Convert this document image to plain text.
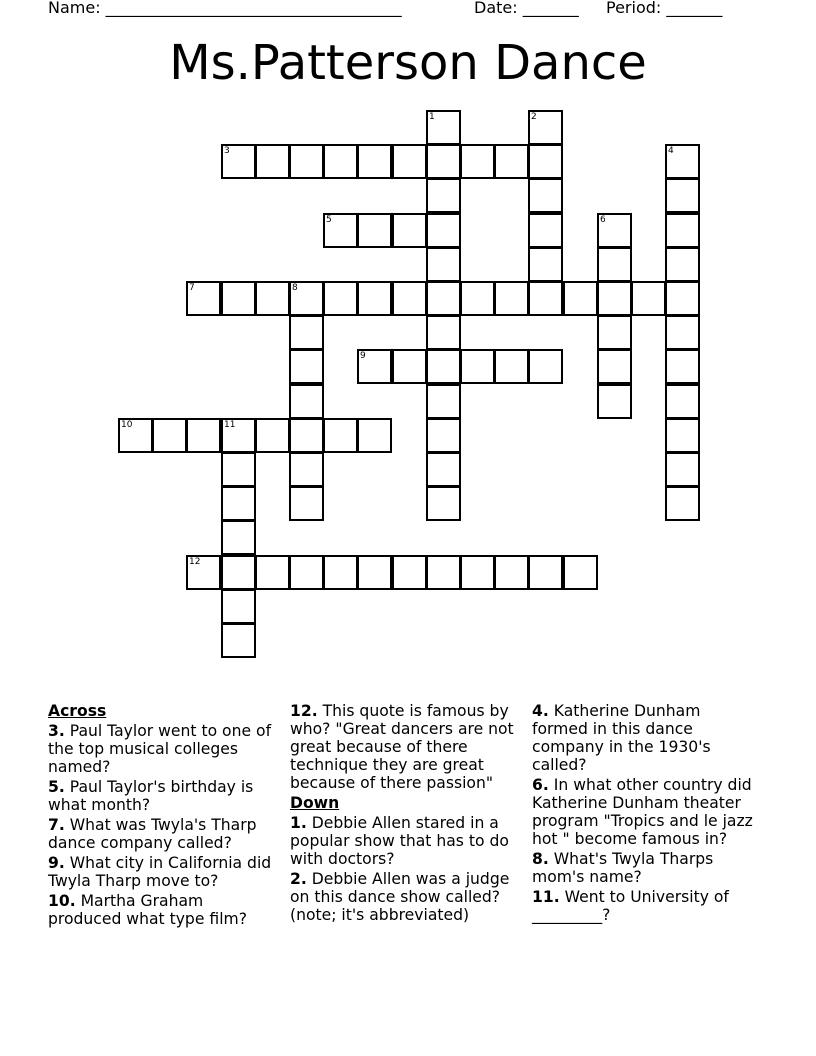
Name: _____________________________________	Date: _______ Period: _______
Ms.Patterson Dance
1	2
3	4
5	6
7	8
9
10	11
12
Across
3. Paul Taylor went to one of the top musical colleges named?
5. Paul Taylor's birthday is what month?
7. What was Twyla's Tharp dance company called?
9. What city in California did Twyla Tharp move to?
10. Martha Graham produced what type film?
12. This quote is famous by who? "Great dancers are not great because of there technique they are great because of there passion"
Down
1. Debbie Allen stared in a popular show that has to do with doctors?
2. Debbie Allen was a judge on this dance show called?(note; it's abbreviated)
4. Katherine Dunham formed in this dance company in the 1930's called?
6. In what other country did Katherine Dunham theater program "Tropics and le jazz hot " become famous in?
8. What's Twyla Tharps mom's name?
11. Went to University of _________?
